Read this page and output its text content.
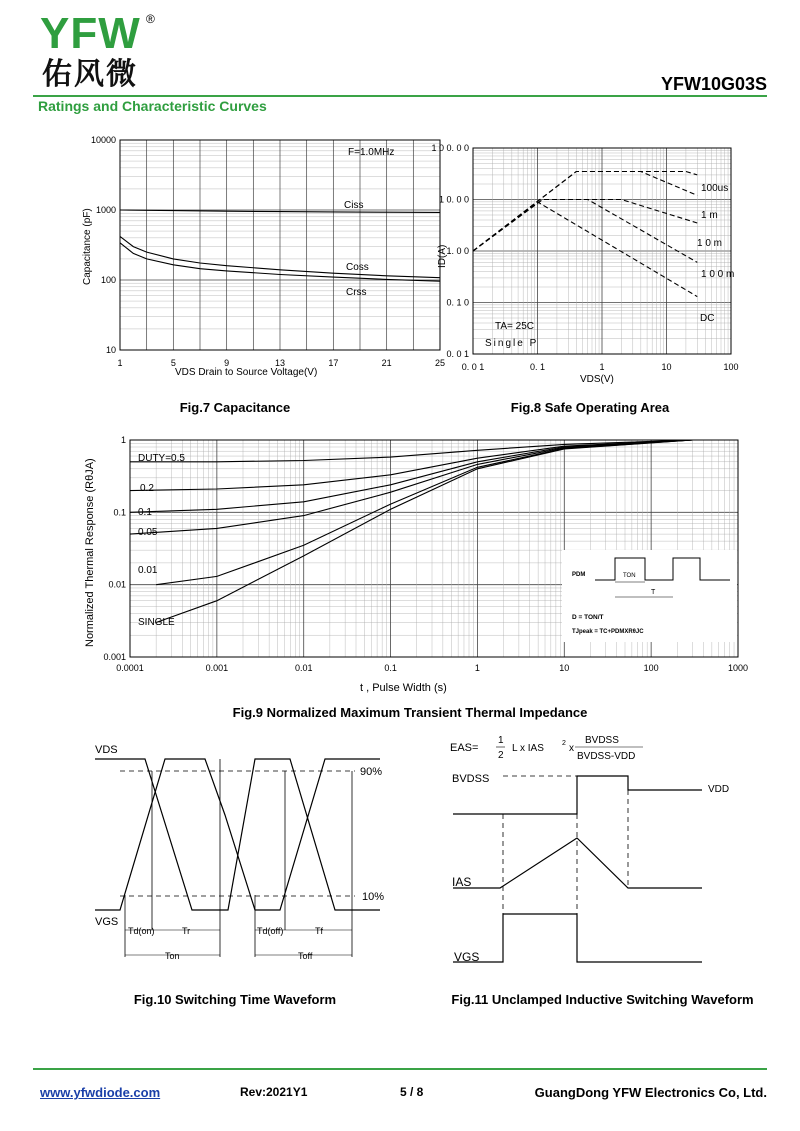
YFW ®
佑风微	YFW10G03S
Ratings and Characteristic Curves
Ciss
Coss
Crss
1	5	9	13	17	21	25
10
100
1000
10000
F=1.0MHz
VDS Drain to Source Voltage(V)
Capacitance (pF)
Fig.7 Capacitance
100us
1 m
1 0 m
1 0 0 m
DC
0. 0 1	0. 1	1	10	100
0. 0 1
0. 1 0
1. 0 0
1 0. 0 0
1 0 0. 0 0
TA= 25C
Single P
VDS(V)
ID(A)
Fig.8 Safe Operating Area
DUTY=0.5
0.2
0.1
0.05
0.01
SINGLE
0.0001	0.001	0.01	0.1	1	10	100	1000
0.001
0.01
0.1
1
PDM	TON
T
D = TON/T
TJpeak = TC+PDMXRθJC
t , Pulse Width (s)
Normalized Thermal Response (RθJA)
Fig.9 Normalized Maximum Transient Thermal Impedance
VDS
VGS
90%
10%
Td(on)	Tr	Td(off)	Tf
Ton	Toff
Fig.10 Switching Time Waveform
EAS=
1
2
L x IAS	2 x
BVDSS
BVDSS-VDD
BVDSS
VDD
IAS
VGS
Fig.11 Unclamped Inductive Switching Waveform
www.yfwdiode.com	Rev:2021Y1	5 / 8	GuangDong YFW Electronics Co, Ltd.
